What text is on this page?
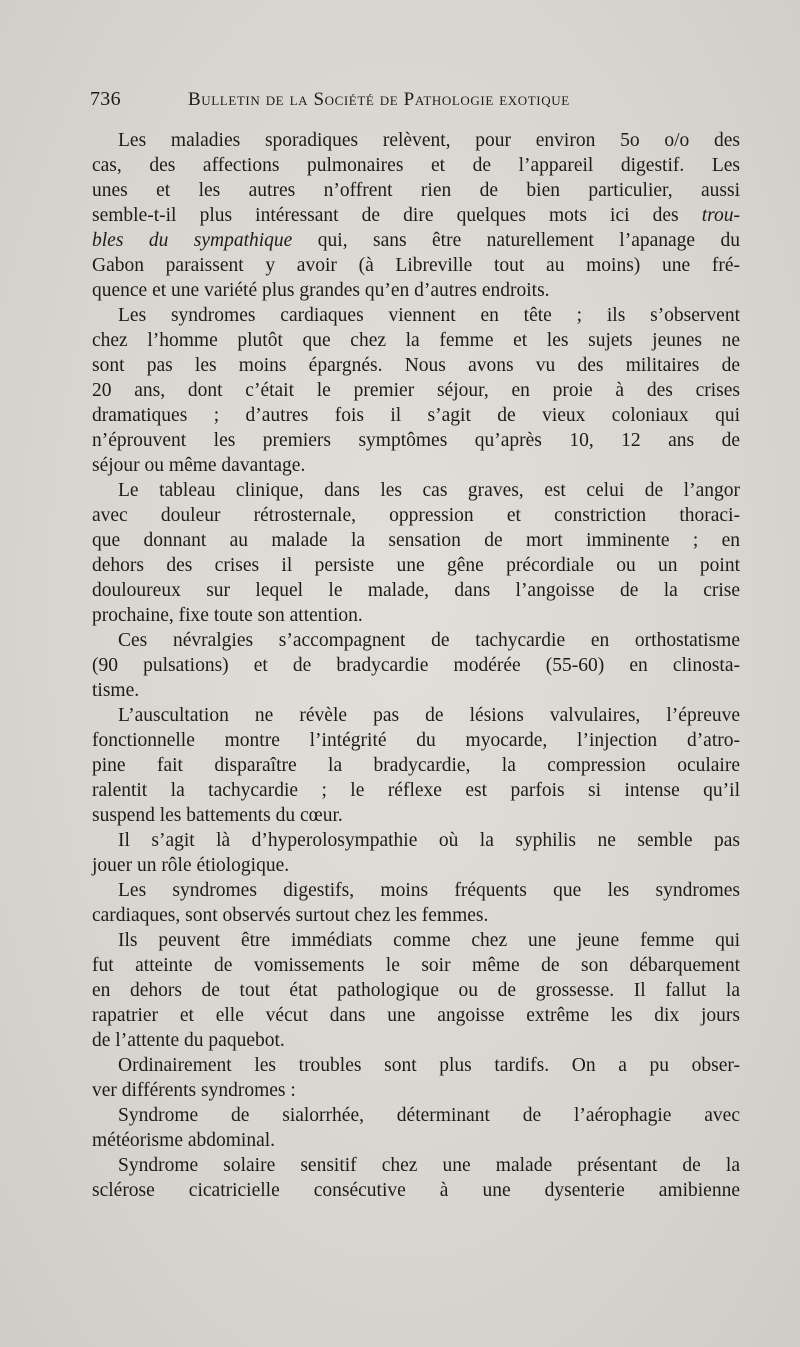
736	Bulletin de la Société de Pathologie exotique
Les maladies sporadiques relèvent, pour environ 5o o/o des
cas, des affections pulmonaires et de l’appareil digestif. Les
unes et les autres n’offrent rien de bien particulier, aussi
semble-t-il plus intéressant de dire quelques mots ici des trou-
bles du sympathique qui, sans être naturellement l’apanage du
Gabon paraissent y avoir (à Libreville tout au moins) une fré-
quence et une variété plus grandes qu’en d’autres endroits.
Les syndromes cardiaques viennent en tête ; ils s’observent
chez l’homme plutôt que chez la femme et les sujets jeunes ne
sont pas les moins épargnés. Nous avons vu des militaires de
20 ans, dont c’était le premier séjour, en proie à des crises
dramatiques ; d’autres fois il s’agit de vieux coloniaux qui
n’éprouvent les premiers symptômes qu’après 10, 12 ans de
séjour ou même davantage.
Le tableau clinique, dans les cas graves, est celui de l’angor
avec douleur rétrosternale, oppression et constriction thoraci-
que donnant au malade la sensation de mort imminente ; en
dehors des crises il persiste une gêne précordiale ou un point
douloureux sur lequel le malade, dans l’angoisse de la crise
prochaine, fixe toute son attention.
Ces névralgies s’accompagnent de tachycardie en orthostatisme
(90 pulsations) et de bradycardie modérée (55-60) en clinosta-
tisme.
L’auscultation ne révèle pas de lésions valvulaires, l’épreuve
fonctionnelle montre l’intégrité du myocarde, l’injection d’atro-
pine fait disparaître la bradycardie, la compression oculaire
ralentit la tachycardie ; le réflexe est parfois si intense qu’il
suspend les battements du cœur.
Il s’agit là d’hyperolosympathie où la syphilis ne semble pas
jouer un rôle étiologique.
Les syndromes digestifs, moins fréquents que les syndromes
cardiaques, sont observés surtout chez les femmes.
Ils peuvent être immédiats comme chez une jeune femme qui
fut atteinte de vomissements le soir même de son débarquement
en dehors de tout état pathologique ou de grossesse. Il fallut la
rapatrier et elle vécut dans une angoisse extrême les dix jours
de l’attente du paquebot.
Ordinairement les troubles sont plus tardifs. On a pu obser-
ver différents syndromes :
Syndrome de sialorrhée, déterminant de l’aérophagie avec
météorisme abdominal.
Syndrome solaire sensitif chez une malade présentant de la
sclérose cicatricielle consécutive à une dysenterie amibienne
